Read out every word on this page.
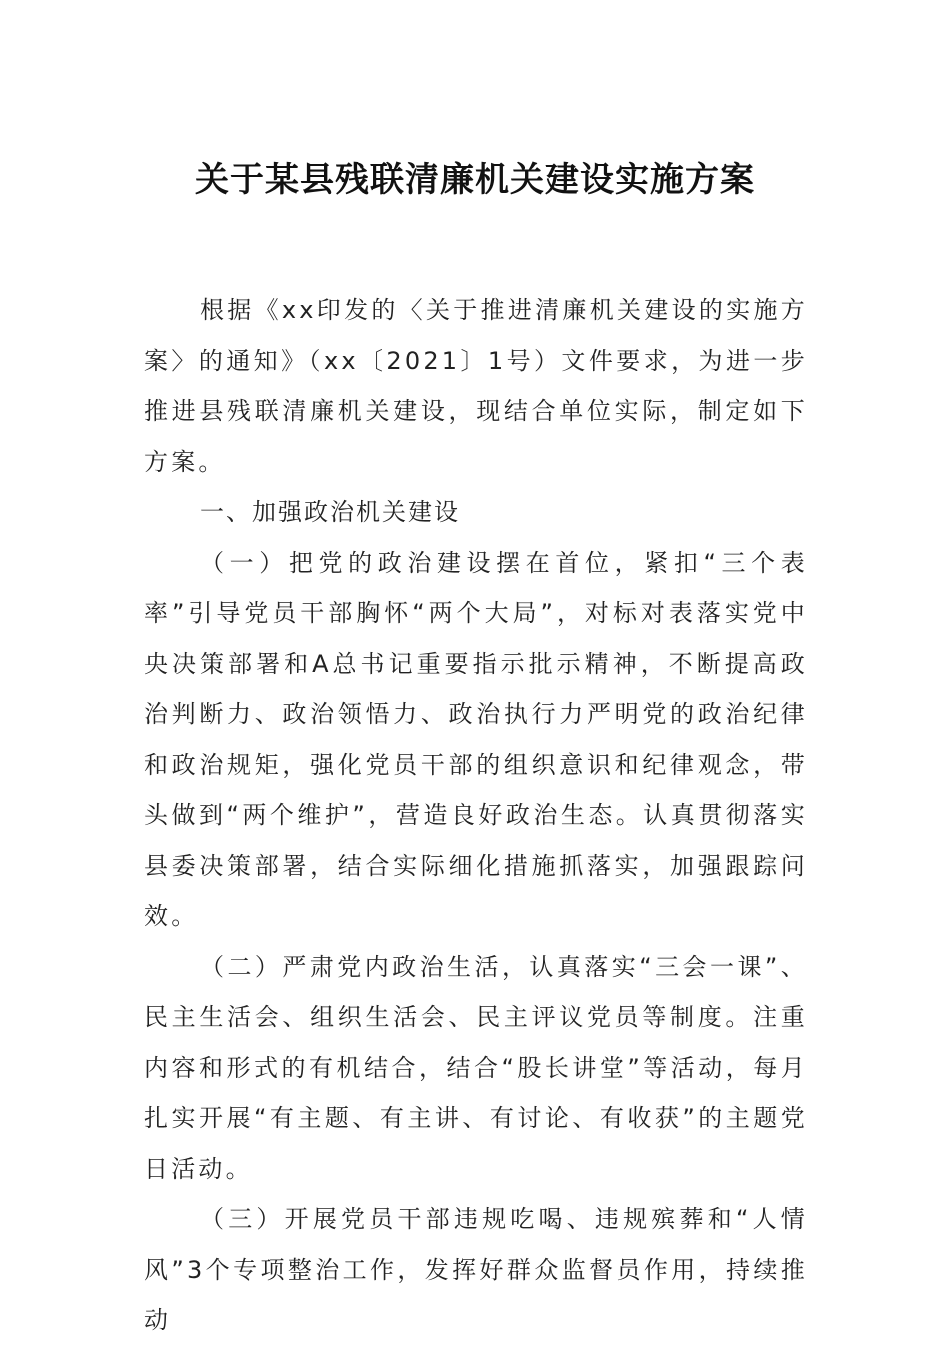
关于某县残联清廉机关建设实施方案

根据《xx印发的〈关于推进清廉机关建设的实施方案〉的通知》（xx〔2021〕1号）文件要求，为进一步推进县残联清廉机关建设，现结合单位实际，制定如下方案。

一、加强政治机关建设

（一）把党的政治建设摆在首位，紧扣“三个表率”引导党员干部胸怀“两个大局”，对标对表落实党中央决策部署和A总书记重要指示批示精神，不断提高政治判断力、政治领悟力、政治执行力严明党的政治纪律和政治规矩，强化党员干部的组织意识和纪律观念，带头做到“两个维护”，营造良好政治生态。认真贯彻落实县委决策部署，结合实际细化措施抓落实，加强跟踪问效。

（二）严肃党内政治生活，认真落实“三会一课”、民主生活会、组织生活会、民主评议党员等制度。注重内容和形式的有机结合，结合“股长讲堂”等活动，每月扎实开展“有主题、有主讲、有讨论、有收获”的主题党日活动。

（三）开展党员干部违规吃喝、违规殡葬和“人情风”3个专项整治工作，发挥好群众监督员作用，持续推动
